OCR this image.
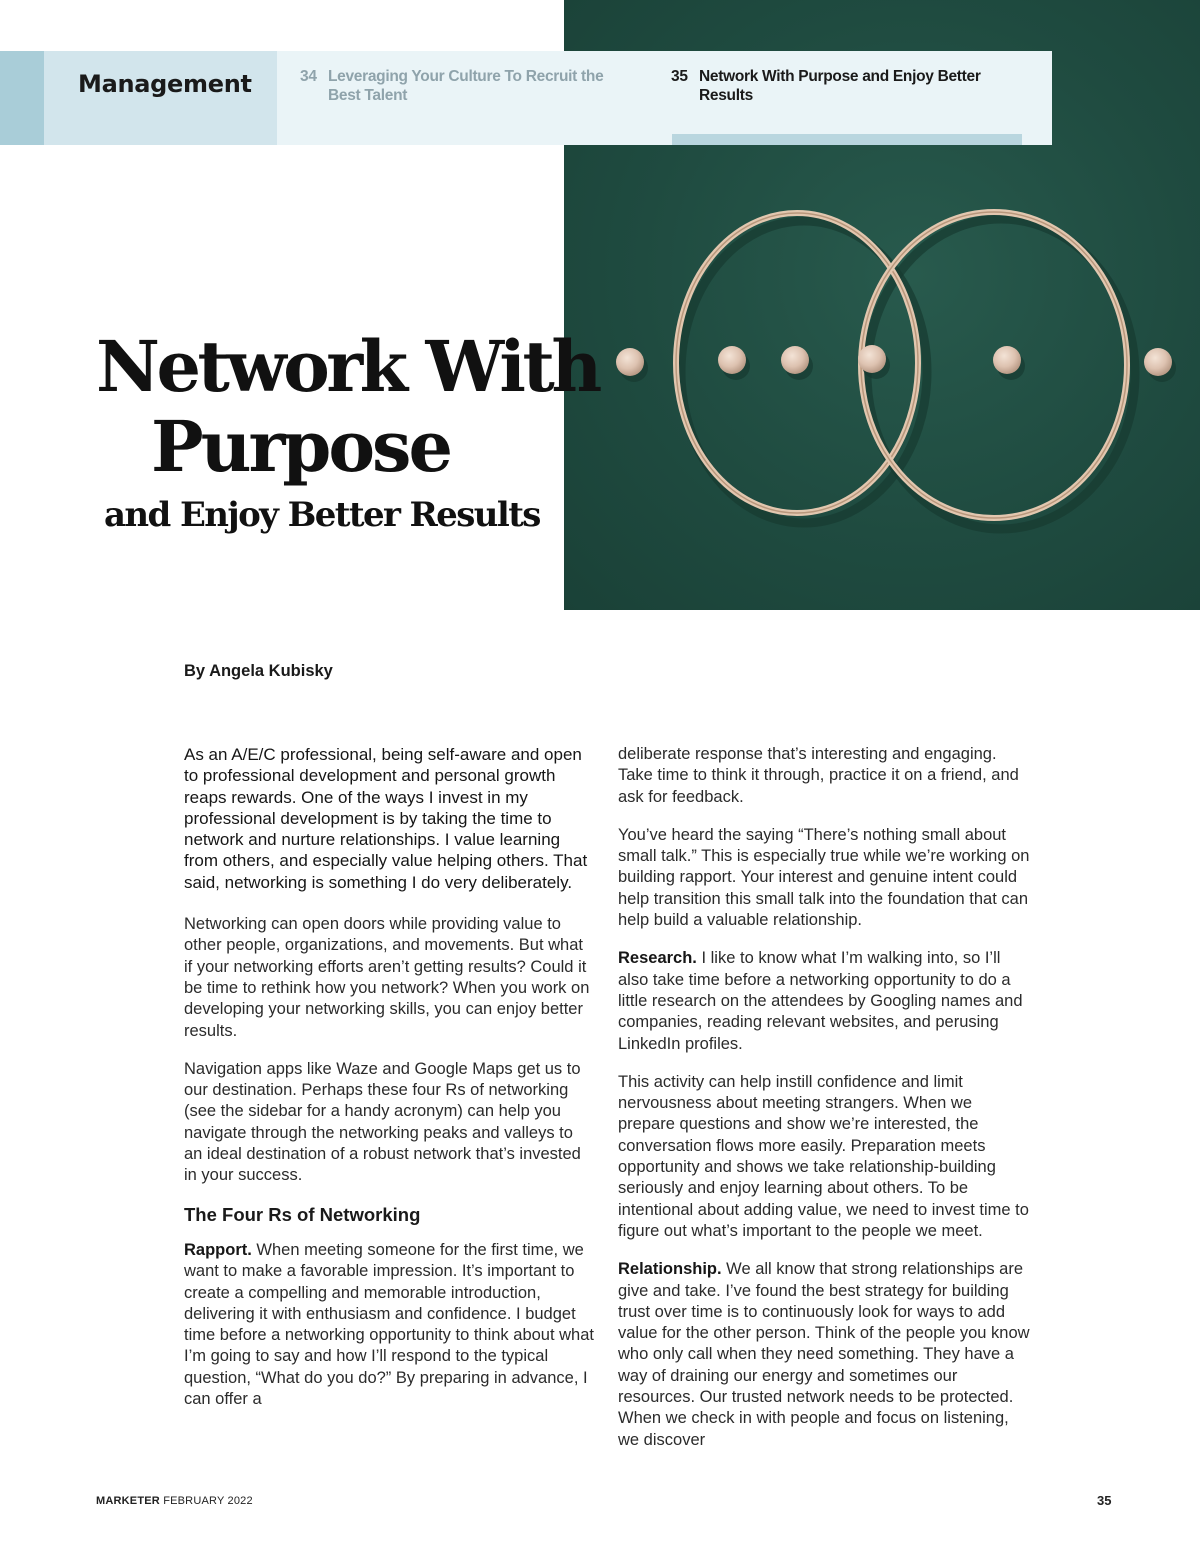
Management	34 Leveraging Your Culture To Recruit the Best Talent
35 Network With Purpose and Enjoy Better Results
Network With
Purpose
and Enjoy Better Results
By Angela Kubisky

As an A/E/C professional, being self-aware and open to professional development and personal growth reaps rewards. One of the ways I invest in my professional development is by taking the time to network and nurture relationships. I value learning from others, and especially value helping others. That said, networking is something I do very deliberately.

Networking can open doors while providing value to other people, organizations, and movements. But what if your networking efforts aren’t getting results? Could it be time to rethink how you network? When you work on developing your networking skills, you can enjoy better results.

Navigation apps like Waze and Google Maps get us to our destination. Perhaps these four Rs of networking (see the sidebar for a handy acronym) can help you navigate through the networking peaks and valleys to an ideal destination of a robust network that’s invested in your success.

The Four Rs of Networking

Rapport. When meeting someone for the first time, we want to make a favorable impression. It’s important to create a compelling and memorable introduction, delivering it with enthusiasm and confidence. I budget time before a networking opportunity to think about what I’m going to say and how I’ll respond to the typical question, “What do you do?” By preparing in advance, I can offer a

deliberate response that’s interesting and engaging. Take time to think it through, practice it on a friend, and ask for feedback.

You’ve heard the saying “There’s nothing small about small talk.” This is especially true while we’re working on building rapport. Your interest and genuine intent could help transition this small talk into the foundation that can help build a valuable relationship.

Research. I like to know what I’m walking into, so I’ll also take time before a networking opportunity to do a little research on the attendees by Googling names and companies, reading relevant websites, and perusing LinkedIn profiles.

This activity can help instill confidence and limit nervousness about meeting strangers. When we prepare questions and show we’re interested, the conversation flows more easily. Preparation meets opportunity and shows we take relationship-building seriously and enjoy learning about others. To be intentional about adding value, we need to invest time to figure out what’s important to the people we meet.

Relationship. We all know that strong relationships are give and take. I’ve found the best strategy for building trust over time is to continuously look for ways to add value for the other person. Think of the people you know who only call when they need something. They have a way of draining our energy and sometimes our resources. Our trusted network needs to be protected. When we check in with people and focus on listening, we discover

MARKETER FEBRUARY 2022	35
